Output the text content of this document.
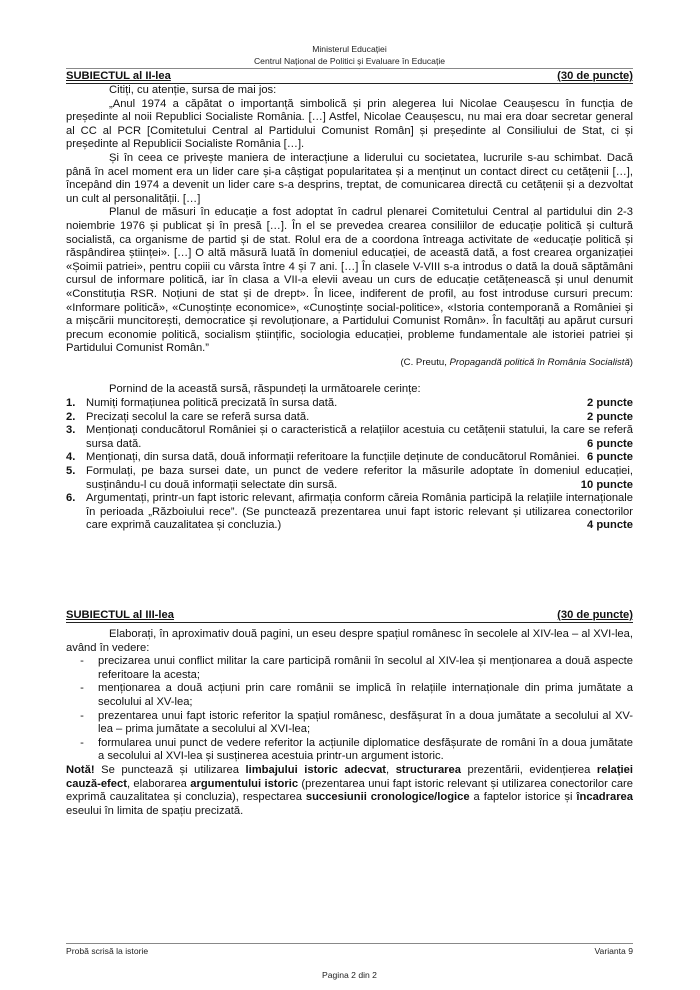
Ministerul Educației
Centrul Național de Politici și Evaluare în Educație
SUBIECTUL al II-lea	(30 de puncte)

Citiți, cu atenție, sursa de mai jos:

„Anul 1974 a căpătat o importanță simbolică și prin alegerea lui Nicolae Ceaușescu în funcția de președinte al noii Republici Socialiste România. […] Astfel, Nicolae Ceaușescu, nu mai era doar secretar general al CC al PCR [Comitetului Central al Partidului Comunist Român] și președinte al Consiliului de Stat, ci și președinte al Republicii Socialiste România […].

Și în ceea ce privește maniera de interacțiune a liderului cu societatea, lucrurile s-au schimbat. Dacă până în acel moment era un lider care și-a câștigat popularitatea și a menținut un contact direct cu cetățenii […], începând din 1974 a devenit un lider care s-a desprins, treptat, de comunicarea directă cu cetățenii și a dezvoltat un cult al personalității. […]

Planul de măsuri în educație a fost adoptat în cadrul plenarei Comitetului Central al partidului din 2-3 noiembrie 1976 și publicat și în presă […]. În el se prevedea crearea consiliilor de educație politică și cultură socialistă, ca organisme de partid și de stat. Rolul era de a coordona întreaga activitate de «educație politică și răspândirea științei». […] O altă măsură luată în domeniul educației, de această dată, a fost crearea organizației «Șoimii patriei», pentru copiii cu vârsta între 4 și 7 ani. […] În clasele V-VIII s-a introdus o dată la două săptămâni cursul de informare politică, iar în clasa a VII-a elevii aveau un curs de educație cetățenească și unul denumit «Constituția RSR. Noțiuni de stat și de drept». În licee, indiferent de profil, au fost introduse cursuri precum: «Informare politică», «Cunoștințe economice», «Cunoștințe social-politice», «Istoria contemporană a României și a mișcării muncitorești, democratice și revoluționare, a Partidului Comunist Român». În facultăți au apărut cursuri precum economie politică, socialism științific, sociologia educației, probleme fundamentale ale istoriei patriei și Partidului Comunist Român.”

(C. Preutu, Propagandă politică în România Socialistă)

Pornind de la această sursă, răspundeți la următoarele cerințe:

1. Numiți formațiunea politică precizată în sursa dată.	2 puncte
2. Precizați secolul la care se referă sursa dată.	2 puncte
3. Menționați conducătorul României și o caracteristică a relațiilor acestuia cu cetățenii statului, la care se referă sursa dată.	6 puncte
4. Menționați, din sursa dată, două informații referitoare la funcțiile deținute de conducătorul României. 6 puncte
5. Formulați, pe baza sursei date, un punct de vedere referitor la măsurile adoptate în domeniul educației, susținându-l cu două informații selectate din sursă.	10 puncte
6. Argumentați, printr-un fapt istoric relevant, afirmația conform căreia România participă la relațiile internaționale în perioada „Războiului rece”. (Se punctează prezentarea unui fapt istoric relevant și utilizarea conectorilor care exprimă cauzalitatea și concluzia.)	4 puncte
SUBIECTUL al III-lea	(30 de puncte)

Elaborați, în aproximativ două pagini, un eseu despre spațiul românesc în secolele al XIV-lea – al XVI-lea, având în vedere:

-	precizarea unui conflict militar la care participă românii în secolul al XIV-lea și menționarea a două aspecte referitoare la acesta;
-	menționarea a două acțiuni prin care românii se implică în relațiile internaționale din prima jumătate a secolului al XV-lea;
-	prezentarea unui fapt istoric referitor la spațiul românesc, desfășurat în a doua jumătate a secolului al XV-lea – prima jumătate a secolului al XVI-lea;
-	formularea unui punct de vedere referitor la acțiunile diplomatice desfășurate de români în a doua jumătate a secolului al XVI-lea și susținerea acestuia printr-un argument istoric.

Notă! Se punctează și utilizarea limbajului istoric adecvat, structurarea prezentării, evidențierea relației cauză-efect, elaborarea argumentului istoric (prezentarea unui fapt istoric relevant și utilizarea conectorilor care exprimă cauzalitatea și concluzia), respectarea succesiunii cronologice/logice a faptelor istorice și încadrarea eseului în limita de spațiu precizată.

Probă scrisă la istorie	Varianta 9
Pagina 2 din 2
